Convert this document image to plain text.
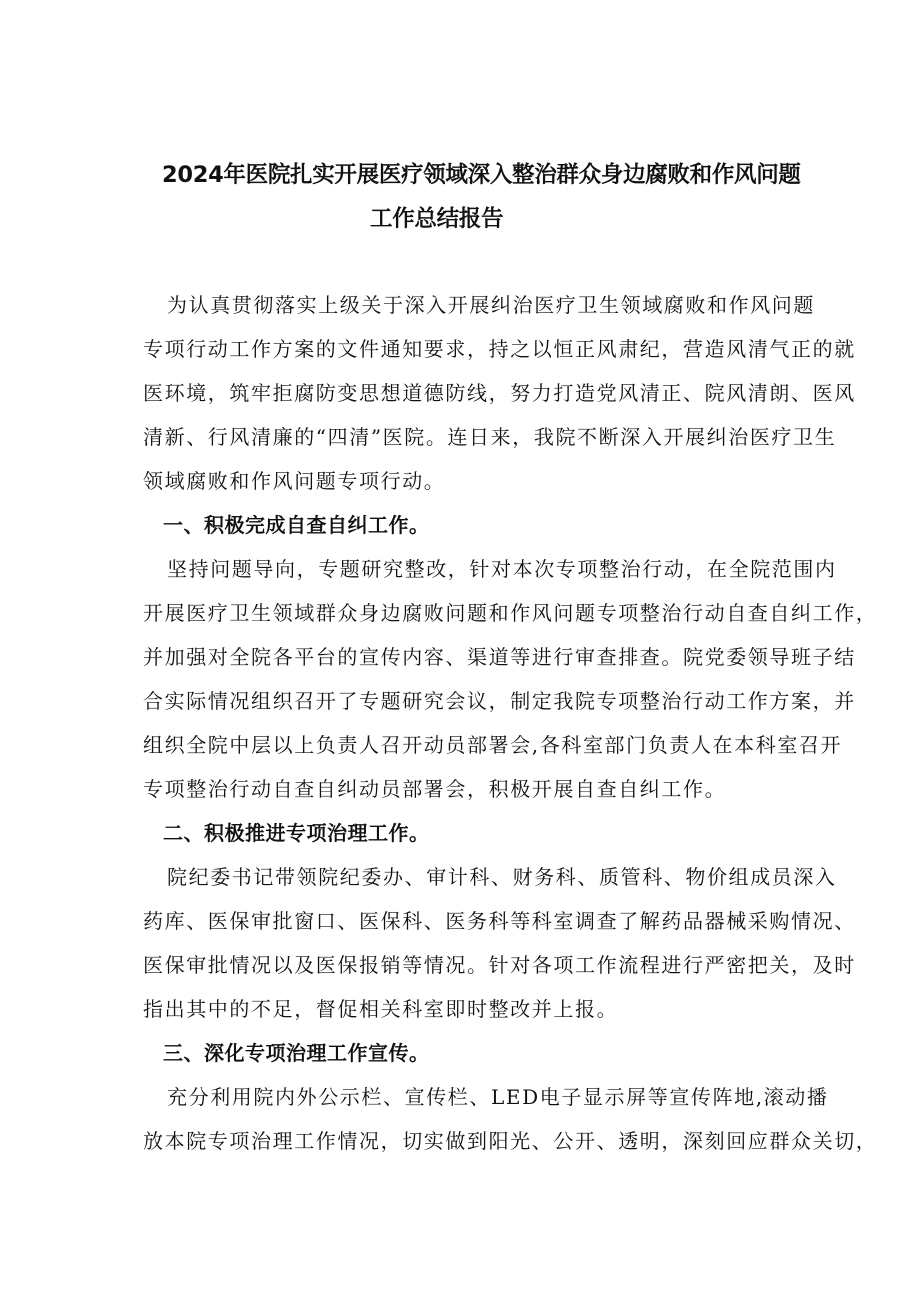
2024年医院扎实开展医疗领域深入整治群众身边腐败和作风问题
工作总结报告
为认真贯彻落实上级关于深入开展纠治医疗卫生领域腐败和作风问题
专项行动工作方案的文件通知要求，持之以恒正风肃纪，营造风清气正的就
医环境，筑牢拒腐防变思想道德防线，努力打造党风清正、院风清朗、医风
清新、行风清廉的“四清”医院。连日来，我院不断深入开展纠治医疗卫生
领域腐败和作风问题专项行动。
一、积极完成自查自纠工作。
坚持问题导向，专题研究整改，针对本次专项整治行动，在全院范围内
开展医疗卫生领域群众身边腐败问题和作风问题专项整治行动自查自纠工作，
并加强对全院各平台的宣传内容、渠道等进行审查排查。院党委领导班子结
合实际情况组织召开了专题研究会议，制定我院专项整治行动工作方案，并
组织全院中层以上负责人召开动员部署会,各科室部门负责人在本科室召开
专项整治行动自查自纠动员部署会，积极开展自查自纠工作。
二、积极推进专项治理工作。
院纪委书记带领院纪委办、审计科、财务科、质管科、物价组成员深入
药库、医保审批窗口、医保科、医务科等科室调查了解药品器械采购情况、
医保审批情况以及医保报销等情况。针对各项工作流程进行严密把关，及时
指出其中的不足，督促相关科室即时整改并上报。
三、深化专项治理工作宣传。
充分利用院内外公示栏、宣传栏、LED电子显示屏等宣传阵地,滚动播
放本院专项治理工作情况，切实做到阳光、公开、透明，深刻回应群众关切，
